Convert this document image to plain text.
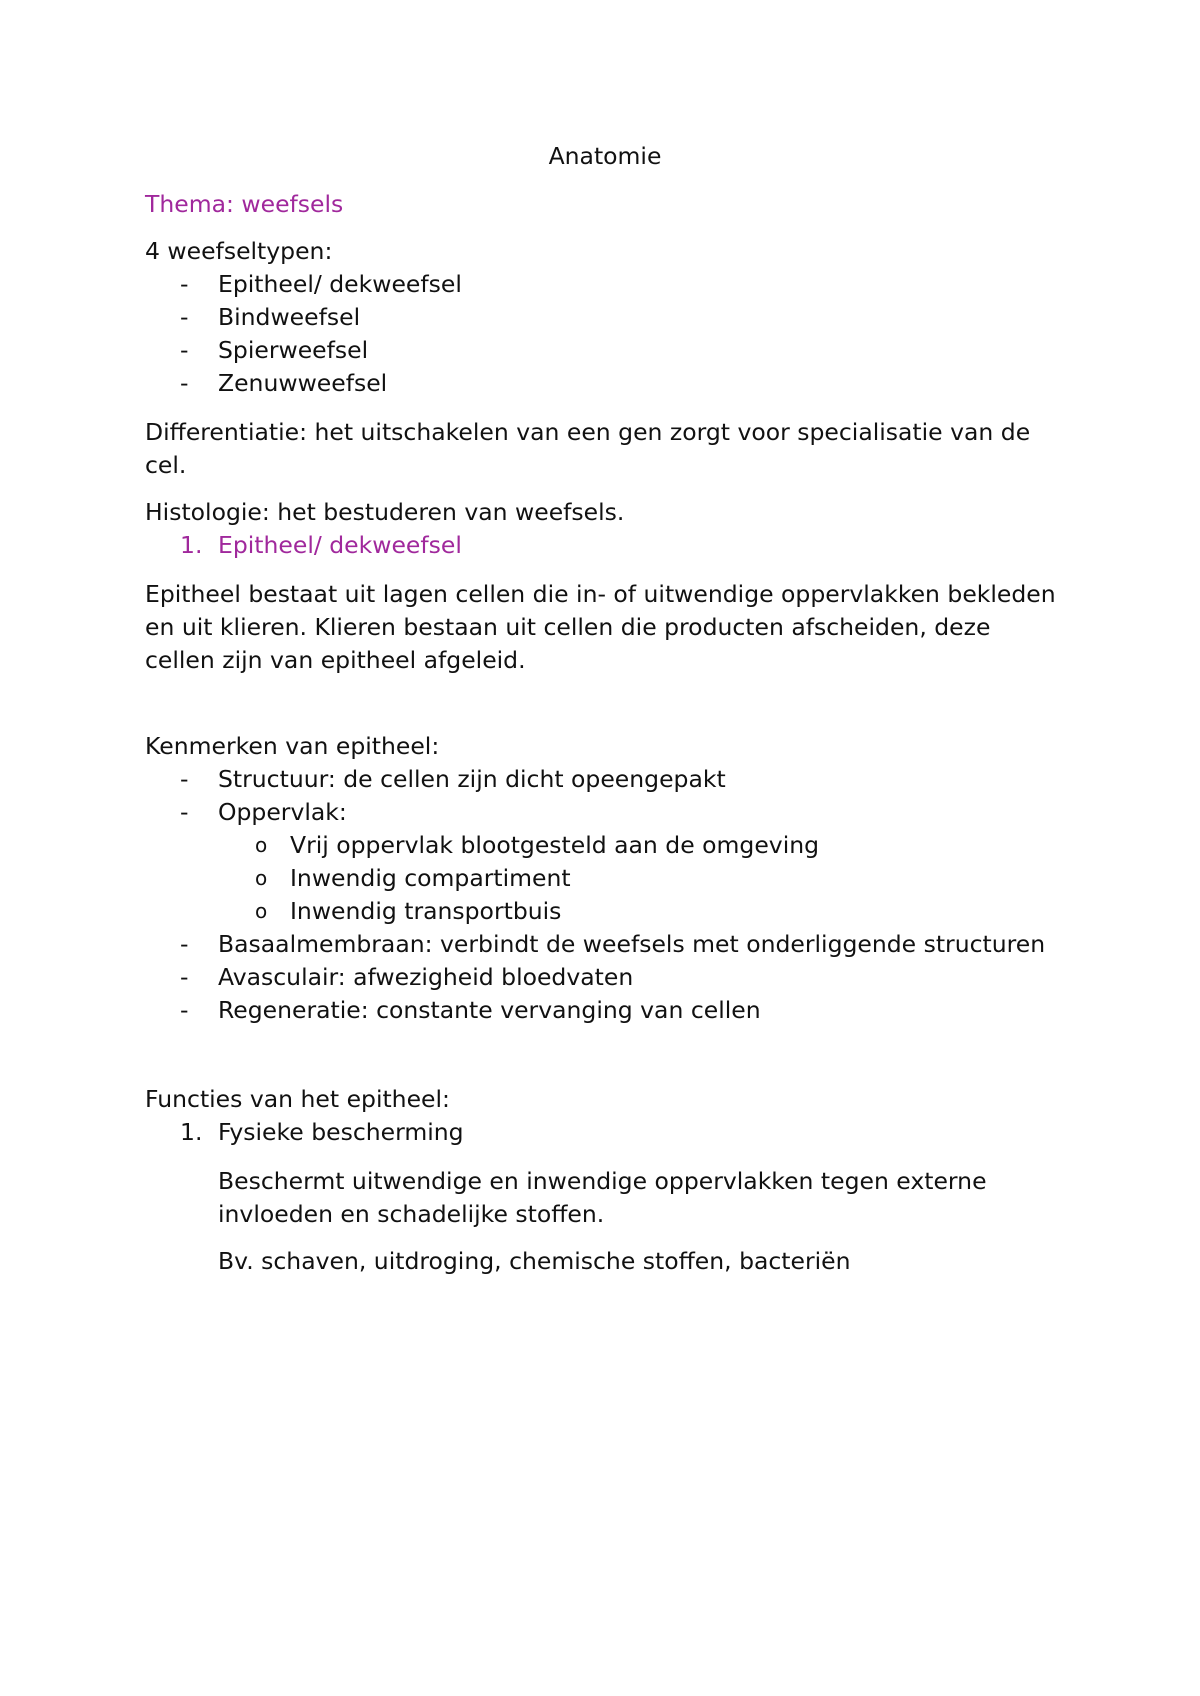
Anatomie

Thema: weefsels

4 weefseltypen:

- Epitheel/ dekweefsel
- Bindweefsel
- Spierweefsel
- Zenuwweefsel

Differentiatie: het uitschakelen van een gen zorgt voor specialisatie van de cel.

Histologie: het bestuderen van weefsels.

1. Epitheel/ dekweefsel

Epitheel bestaat uit lagen cellen die in- of uitwendige oppervlakken bekleden en uit klieren. Klieren bestaan uit cellen die producten afscheiden, deze cellen zijn van epitheel afgeleid.

Kenmerken van epitheel:

- Structuur: de cellen zijn dicht opeengepakt
- Oppervlak:
o Vrij oppervlak blootgesteld aan de omgeving
o Inwendig compartiment
o Inwendig transportbuis
- Basaalmembraan: verbindt de weefsels met onderliggende structuren
- Avasculair: afwezigheid bloedvaten
- Regeneratie: constante vervanging van cellen

Functies van het epitheel:

1. Fysieke bescherming

Beschermt uitwendige en inwendige oppervlakken tegen externe invloeden en schadelijke stoffen.

Bv. schaven, uitdroging, chemische stoffen, bacteriën
